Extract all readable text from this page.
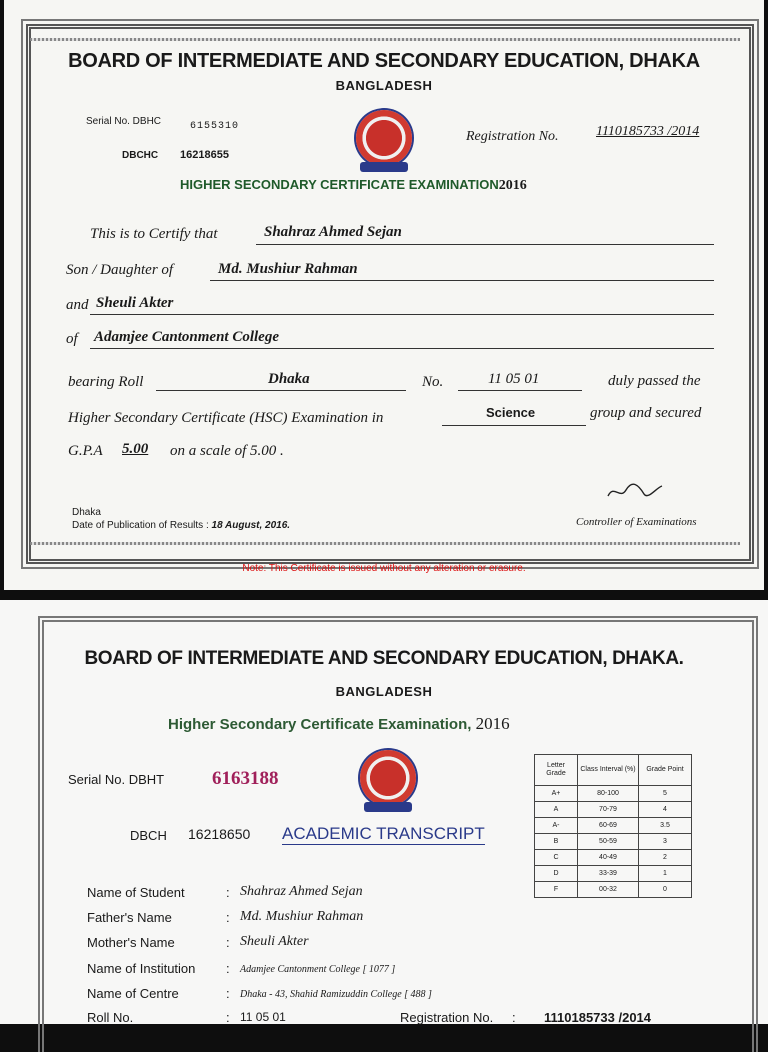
BOARD OF INTERMEDIATE AND SECONDARY EDUCATION, DHAKA
BANGLADESH
Serial No. DBHC	6155310
DBCHC 16218655
Registration No.	1110185733 /2014
HIGHER SECONDARY CERTIFICATE EXAMINATION2016
This is to Certify that	Shahraz Ahmed Sejan
Son / Daughter of	Md. Mushiur Rahman
and Sheuli Akter
of Adamjee Cantonment College
bearing Roll	Dhaka	No.	11 05 01	duly passed the
Higher Secondary Certificate (HSC) Examination in	Science	group and secured
G.P.A 5.00 on a scale of 5.00 .
Dhaka
Date of Publication of Results : 18 August, 2016.	Controller of Examinations
Note: This Certificate is issued without any alteration or erasure.
BOARD OF INTERMEDIATE AND SECONDARY EDUCATION, DHAKA.
BANGLADESH
Higher Secondary Certificate Examination, 2016
Serial No. DBHT	6163188
DBCH 16218650 ACADEMIC TRANSCRIPT
Letter Grade	Class Interval (%)	Grade Point
A+	80-100	5
A	70-79	4
A-	60-69	3.5
B	50-59	3
C	40-49	2
D	33-39	1
F	00-32	0
Name of Student	: Shahraz Ahmed Sejan
Father's Name	: Md. Mushiur Rahman
Mother's Name	: Sheuli Akter
Name of Institution : Adamjee Cantonment College [ 1077 ]
Name of Centre	: Dhaka - 43, Shahid Ramizuddin College [ 488 ]
Roll No.	: 11 05 01	Registration No. : 1110185733 /2014
